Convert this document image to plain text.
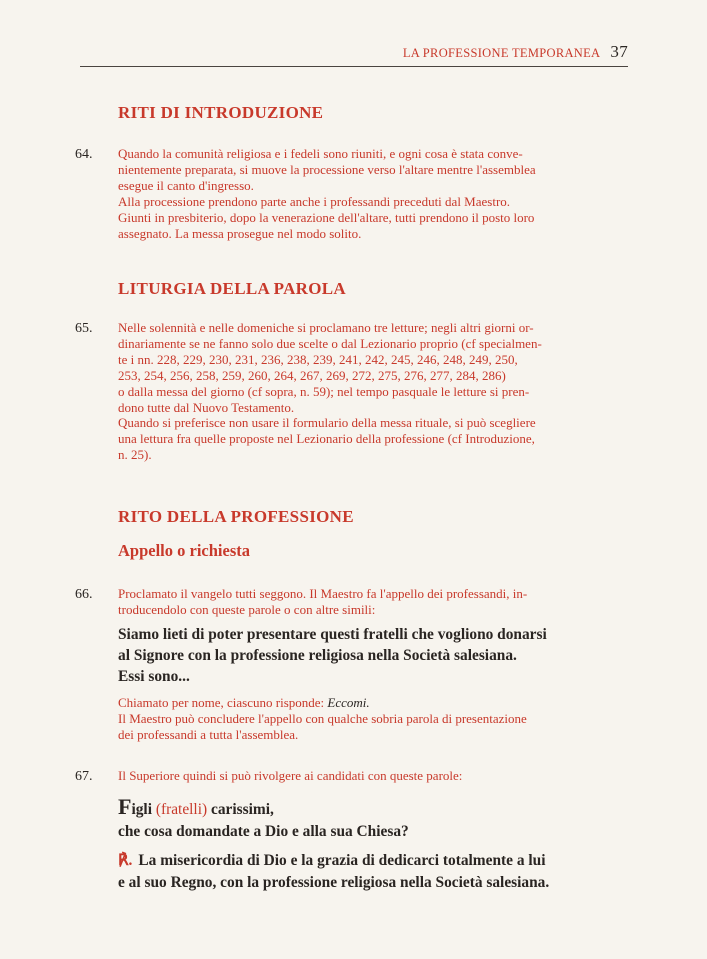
LA PROFESSIONE TEMPORANEA 37
RITI DI INTRODUZIONE
64. Quando la comunità religiosa e i fedeli sono riuniti, e ogni cosa è stata conve-

nientemente preparata, si muove la processione verso l'altare mentre l'assemblea

esegue il canto d'ingresso.

Alla processione prendono parte anche i professandi preceduti dal Maestro.

Giunti in presbiterio, dopo la venerazione dell'altare, tutti prendono il posto loro

assegnato. La messa prosegue nel modo solito.

LITURGIA DELLA PAROLA
65. Nelle solennità e nelle domeniche si proclamano tre letture; negli altri giorni or-

dinariamente se ne fanno solo due scelte o dal Lezionario proprio (cf specialmen-

te i nn. 228, 229, 230, 231, 236, 238, 239, 241, 242, 245, 246, 248, 249, 250,

253, 254, 256, 258, 259, 260, 264, 267, 269, 272, 275, 276, 277, 284, 286)

o dalla messa del giorno (cf sopra, n. 59); nel tempo pasquale le letture si pren-

dono tutte dal Nuovo Testamento.

Quando si preferisce non usare il formulario della messa rituale, si può scegliere

una lettura fra quelle proposte nel Lezionario della professione (cf Introduzione,

n. 25).

RITO DELLA PROFESSIONE
Appello o richiesta
66. Proclamato il vangelo tutti seggono. Il Maestro fa l'appello dei professandi, in-

troducendolo con queste parole o con altre simili:

Siamo lieti di poter presentare questi fratelli che vogliono donarsi

al Signore con la professione religiosa nella Società salesiana.

Essi sono...

Chiamato per nome, ciascuno risponde: Eccomi.

Il Maestro può concludere l'appello con qualche sobria parola di presentazione

dei professandi a tutta l'assemblea.

67. Il Superiore quindi si può rivolgere ai candidati con queste parole:

Figli (fratelli) carissimi,

che cosa domandate a Dio e alla sua Chiesa?

℟. La misericordia di Dio e la grazia di dedicarci totalmente a lui

e al suo Regno, con la professione religiosa nella Società salesiana.
